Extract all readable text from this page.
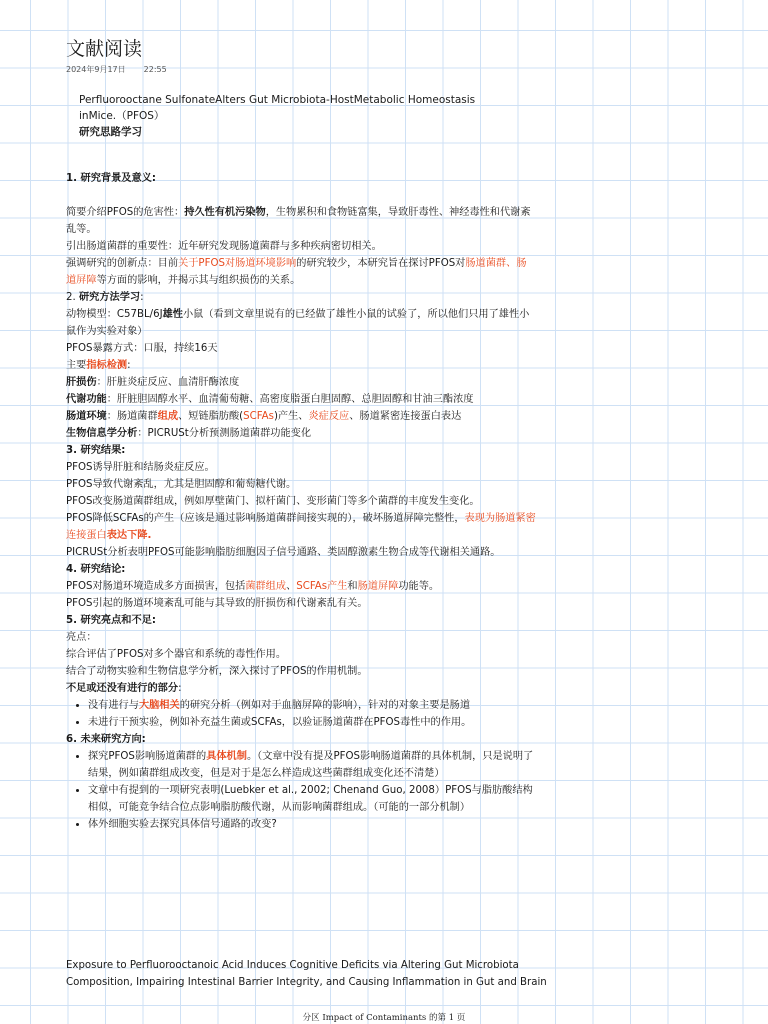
文献阅读
2024年9月17日 22:55
Perfluorooctane SulfonateAlters Gut Microbiota-HostMetabolic Homeostasis
inMice.（PFOS）
研究思路学习

1. 研究背景及意义:

简要介绍PFOS的危害性：持久性有机污染物，生物累积和食物链富集，导致肝毒性、神经毒性和代谢紊乱等。

引出肠道菌群的重要性：近年研究发现肠道菌群与多种疾病密切相关。

强调研究的创新点：目前关于PFOS对肠道环境影响的研究较少，本研究旨在探讨PFOS对肠道菌群、肠道屏障等方面的影响，并揭示其与组织损伤的关系。

2. 研究方法学习:

动物模型：C57BL/6J雄性小鼠（看到文章里说有的已经做了雄性小鼠的试验了，所以他们只用了雄性小鼠作为实验对象）

PFOS暴露方式：口服，持续16天

主要指标检测:

肝损伤：肝脏炎症反应、血清肝酶浓度

代谢功能：肝脏胆固醇水平、血清葡萄糖、高密度脂蛋白胆固醇、总胆固醇和甘油三酯浓度

肠道环境：肠道菌群组成、短链脂肪酸(SCFAs)产生、炎症反应、肠道紧密连接蛋白表达

生物信息学分析：PICRUSt分析预测肠道菌群功能变化

3. 研究结果:

PFOS诱导肝脏和结肠炎症反应。

PFOS导致代谢紊乱，尤其是胆固醇和葡萄糖代谢。

PFOS改变肠道菌群组成，例如厚壁菌门、拟杆菌门、变形菌门等多个菌群的丰度发生变化。

PFOS降低SCFAs的产生（应该是通过影响肠道菌群间接实现的），破坏肠道屏障完整性，表现为肠道紧密连接蛋白表达下降.

PICRUSt分析表明PFOS可能影响脂肪细胞因子信号通路、类固醇激素生物合成等代谢相关通路。

4. 研究结论:

PFOS对肠道环境造成多方面损害，包括菌群组成、SCFAs产生和肠道屏障功能等。

PFOS引起的肠道环境紊乱可能与其导致的肝损伤和代谢紊乱有关。

5. 研究亮点和不足:

亮点：

综合评估了PFOS对多个器官和系统的毒性作用。

结合了动物实验和生物信息学分析，深入探讨了PFOS的作用机制。

不足或还没有进行的部分:

• 没有进行与大脑相关的研究分析（例如对于血脑屏障的影响），针对的对象主要是肠道
• 未进行干预实验，例如补充益生菌或SCFAs，以验证肠道菌群在PFOS毒性中的作用。

6. 未来研究方向:

• 探究PFOS影响肠道菌群的具体机制。（文章中没有提及PFOS影响肠道菌群的具体机制，只是说明了结果，例如菌群组成改变，但是对于是怎么样造成这些菌群组成变化还不清楚）
• 文章中有提到的一项研究表明(Luebker et al., 2002; Chenand Guo, 2008）PFOS与脂肪酸结构相似，可能竞争结合位点影响脂肪酸代谢，从而影响菌群组成。（可能的一部分机制）
• 体外细胞实验去探究具体信号通路的改变?
Exposure to Perfluorooctanoic Acid Induces Cognitive Deficits via Altering Gut Microbiota
Composition, Impairing Intestinal Barrier Integrity, and Causing Inflammation in Gut and Brain
分区 Impact of Contaminants 的第 1 页
